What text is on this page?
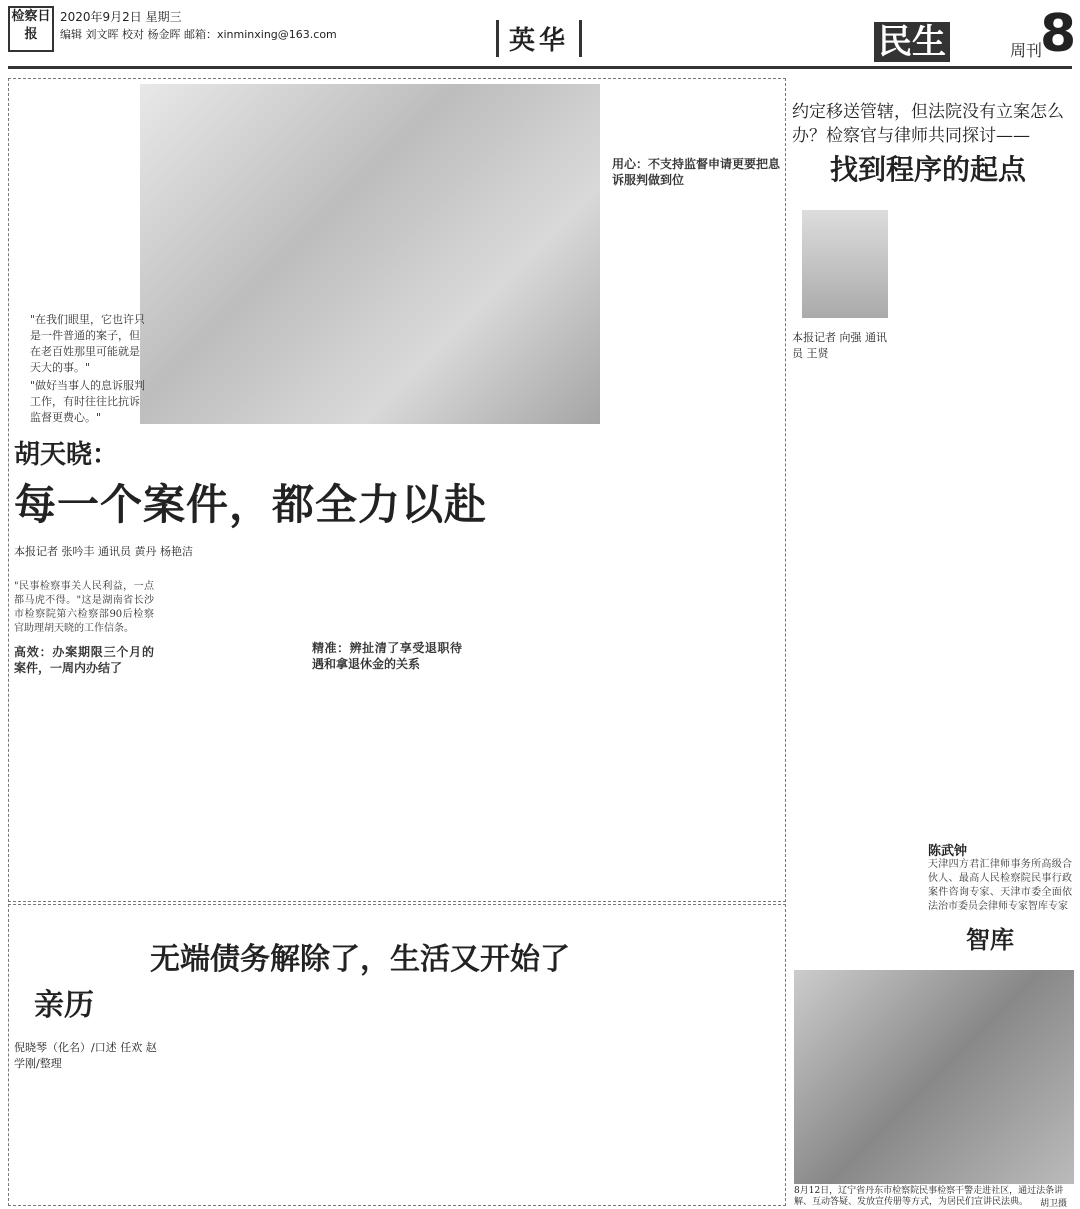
检察日报
2020年9月2日 星期三
编辑 刘文晖 校对 杨金晖 邮箱：xinminxing@163.com	英华	民生	周刊
8
"在我们眼里，它也许只是一件普通的案子，但在老百姓那里可能就是天大的事。"
"做好当事人的息诉服判工作，有时往往比抗诉监督更费心。"
胡天晓：
每一个案件，都全力以赴
本报记者 张吟丰 通讯员 黄丹 杨艳洁
"民事检察事关人民利益，一点都马虎不得。"这是湖南省长沙市检察院第六检察部90后检察官助理胡天晓的工作信条。
高效：办案期限三个月的案件，一周内办结了
精准：辨扯清了享受退职待遇和拿退休金的关系
用心：不支持监督申请更要把息诉服判做到位
约定移送管辖，但法院没有立案怎么办？检察官与律师共同探讨——
找到程序的起点
本报记者 向强 通讯员 王贤
陈武钟
天津四方君汇律师事务所高级合伙人、最高人民检察院民事行政案件咨询专家、天津市委全面依法治市委员会律师专家智库专家
智库
无端债务解除了，生活又开始了
亲历
倪晓琴（化名）/口述 任欢 赵学刚/整理
8月12日，辽宁省丹东市检察院民事检察干警走进社区，通过法条讲解、互动答疑、发放宣传册等方式，为居民们宣讲民法典。	胡卫摄
